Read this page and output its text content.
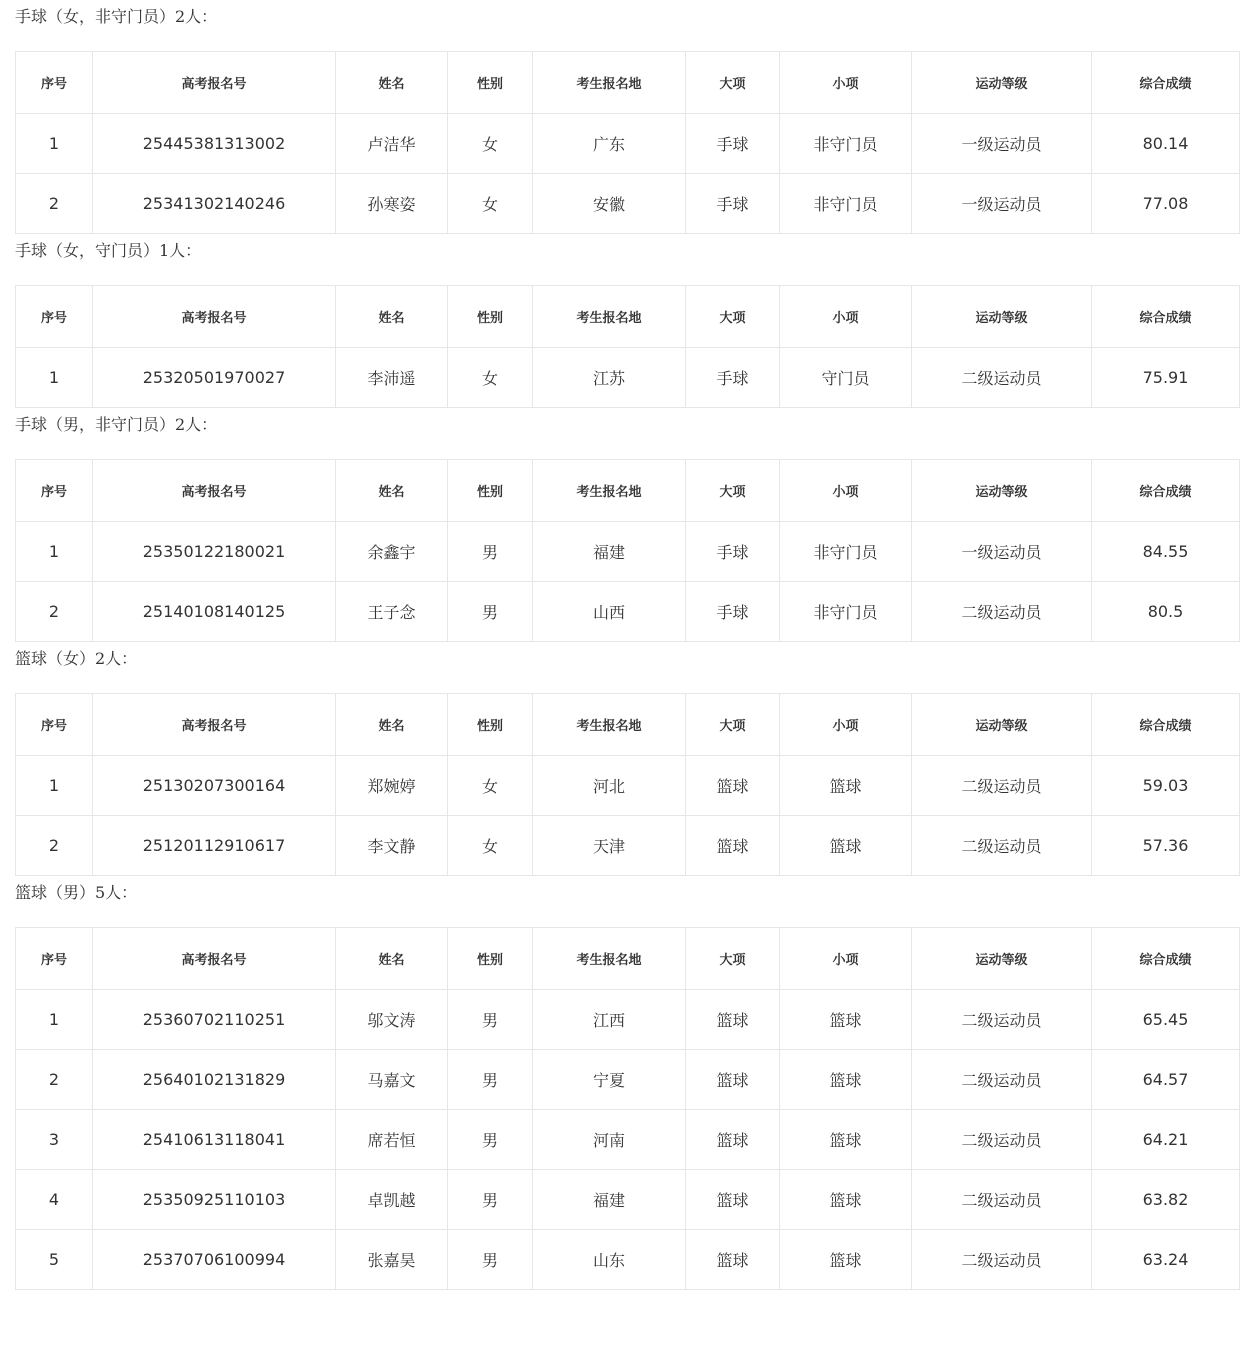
手球（女，非守门员）2人：

序号	高考报名号	姓名	性别	考生报名地	大项	小项	运动等级	综合成绩
1	25445381313002	卢洁华	女	广东	手球	非守门员	一级运动员	80.14
2	25341302140246	孙寒姿	女	安徽	手球	非守门员	一级运动员	77.08

手球（女，守门员）1人：

序号	高考报名号	姓名	性别	考生报名地	大项	小项	运动等级	综合成绩
1	25320501970027	李沛遥	女	江苏	手球	守门员	二级运动员	75.91

手球（男，非守门员）2人：

序号	高考报名号	姓名	性别	考生报名地	大项	小项	运动等级	综合成绩
1	25350122180021	余鑫宇	男	福建	手球	非守门员	一级运动员	84.55
2	25140108140125	王子念	男	山西	手球	非守门员	二级运动员	80.5

篮球（女）2人：

序号	高考报名号	姓名	性别	考生报名地	大项	小项	运动等级	综合成绩
1	25130207300164	郑婉婷	女	河北	篮球	篮球	二级运动员	59.03
2	25120112910617	李文静	女	天津	篮球	篮球	二级运动员	57.36

篮球（男）5人：

序号	高考报名号	姓名	性别	考生报名地	大项	小项	运动等级	综合成绩
1	25360702110251	邬文涛	男	江西	篮球	篮球	二级运动员	65.45
2	25640102131829	马嘉文	男	宁夏	篮球	篮球	二级运动员	64.57
3	25410613118041	席若恒	男	河南	篮球	篮球	二级运动员	64.21
4	25350925110103	卓凯越	男	福建	篮球	篮球	二级运动员	63.82
5	25370706100994	张嘉昊	男	山东	篮球	篮球	二级运动员	63.24
